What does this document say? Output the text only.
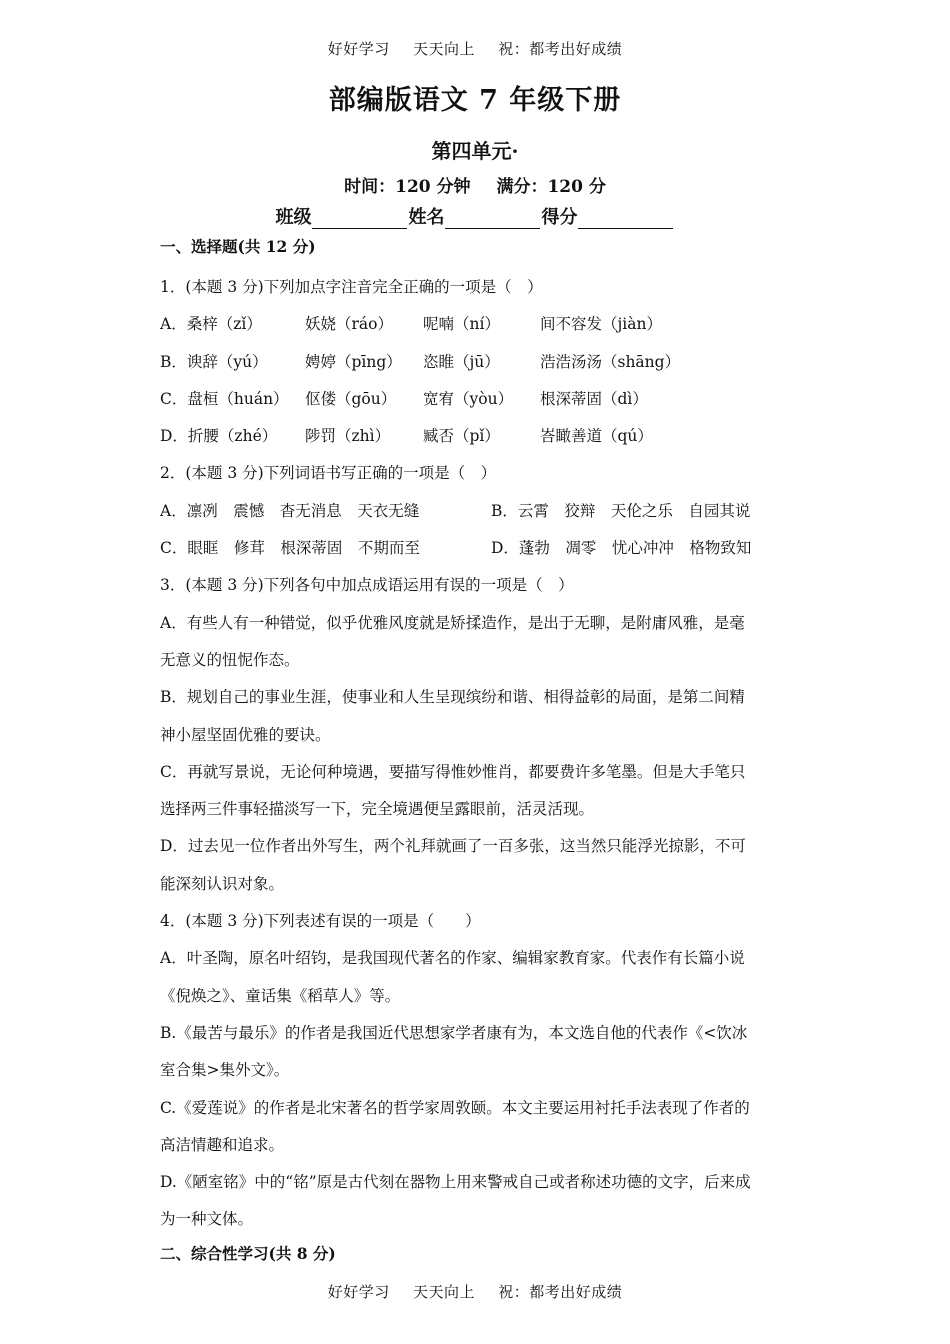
好好学习 天天向上 祝：都考出好成绩
部编版语文 7 年级下册
第四单元·
时间：120 分钟 满分：120 分
班级	姓名	得分
一、选择题(共 12 分)
1．(本题 3 分)下列加点字注音完全正确的一项是（　）
A．桑梓（zǐ）	妖娆（ráo）	呢喃（ní）	间不容发（jiàn）
B．谀辞（yú）	娉婷（pīng）	恣睢（jū）	浩浩汤汤（shāng）
C．盘桓（huán）	伛偻（gōu）	宽宥（yòu）	根深蒂固（dì）
D．折腰（zhé）	陟罚（zhì）	臧否（pǐ）	峇瞰善道（qú）
2．(本题 3 分)下列词语书写正确的一项是（　）
A．凛冽　震憾　杳无消息　天衣无缝	B．云霄　狡辩　天伦之乐　自园其说
C．眼眶　修茸　根深蒂固　不期而至	D．蓬勃　凋零　忧心冲冲　格物致知
3．(本题 3 分)下列各句中加点成语运用有误的一项是（　）
A．有些人有一种错觉，似乎优雅风度就是矫揉造作，是出于无聊，是附庸风雅，是毫
无意义的忸怩作态。
B．规划自己的事业生涯，使事业和人生呈现缤纷和谐、相得益彰的局面，是第二间精
神小屋坚固优雅的要诀。
C．再就写景说，无论何种境遇，要描写得惟妙惟肖，都要费许多笔墨。但是大手笔只
选择两三件事轻描淡写一下，完全境遇便呈露眼前，活灵活现。
D．过去见一位作者出外写生，两个礼拜就画了一百多张，这当然只能浮光掠影，不可
能深刻认识对象。
4．(本题 3 分)下列表述有误的一项是（　　）
A．叶圣陶，原名叶绍钧，是我国现代著名的作家、编辑家教育家。代表作有长篇小说
《倪焕之》、童话集《稻草人》等。
B.《最苦与最乐》的作者是我国近代思想家学者康有为，本文选自他的代表作《<饮冰
室合集>集外文》。
C.《爱莲说》的作者是北宋著名的哲学家周敦颐。本文主要运用衬托手法表现了作者的
高洁情趣和追求。
D.《陋室铭》中的“铭”原是古代刻在器物上用来警戒自己或者称述功德的文字，后来成
为一种文体。
二、综合性学习(共 8 分)
好好学习 天天向上 祝：都考出好成绩
